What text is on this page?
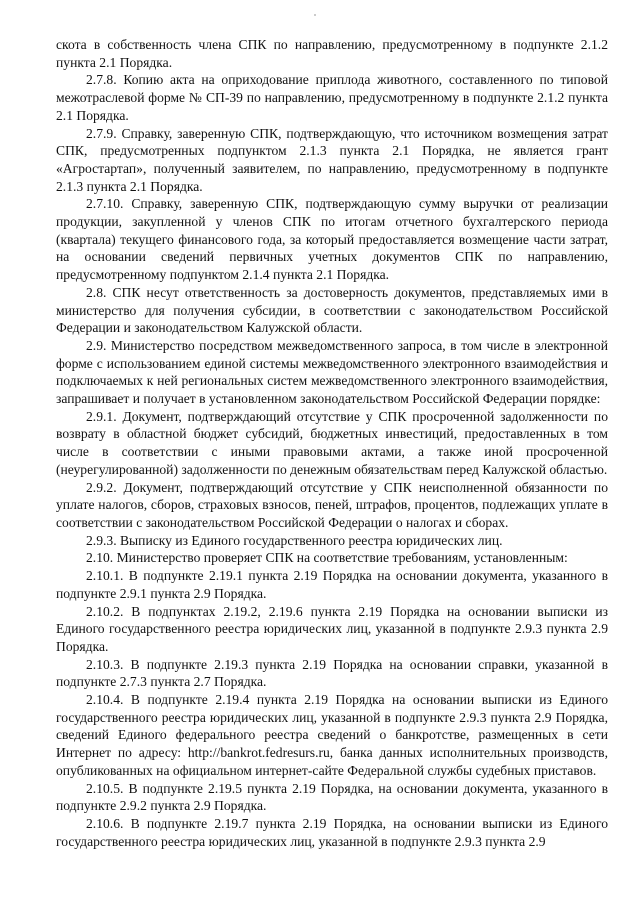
скота в собственность члена СПК по направлению, предусмотренному в подпункте 2.1.2 пункта 2.1 Порядка.

2.7.8. Копию акта на оприходование приплода животного, составленного по типовой межотраслевой форме № СП-39 по направлению, предусмотренному в подпункте 2.1.2 пункта 2.1 Порядка.

2.7.9. Справку, заверенную СПК, подтверждающую, что источником возмещения затрат СПК, предусмотренных подпунктом 2.1.3 пункта 2.1 Порядка, не является грант «Агростартап», полученный заявителем, по направлению, предусмотренному в подпункте 2.1.3 пункта 2.1 Порядка.

2.7.10. Справку, заверенную СПК, подтверждающую сумму выручки от реализации продукции, закупленной у членов СПК по итогам отчетного бухгалтерского периода (квартала) текущего финансового года, за который предоставляется возмещение части затрат, на основании сведений первичных учетных документов СПК по направлению, предусмотренному подпунктом 2.1.4 пункта 2.1 Порядка.

2.8. СПК несут ответственность за достоверность документов, представляемых ими в министерство для получения субсидии, в соответствии с законодательством Российской Федерации и законодательством Калужской области.

2.9. Министерство посредством межведомственного запроса, в том числе в электронной форме с использованием единой системы межведомственного электронного взаимодействия и подключаемых к ней региональных систем межведомственного электронного взаимодействия, запрашивает и получает в установленном законодательством Российской Федерации порядке:

2.9.1. Документ, подтверждающий отсутствие у СПК просроченной задолженности по возврату в областной бюджет субсидий, бюджетных инвестиций, предоставленных в том числе в соответствии с иными правовыми актами, а также иной просроченной (неурегулированной) задолженности по денежным обязательствам перед Калужской областью.

2.9.2. Документ, подтверждающий отсутствие у СПК неисполненной обязанности по уплате налогов, сборов, страховых взносов, пеней, штрафов, процентов, подлежащих уплате в соответствии с законодательством Российской Федерации о налогах и сборах.

2.9.3. Выписку из Единого государственного реестра юридических лиц.

2.10. Министерство проверяет СПК на соответствие требованиям, установленным:

2.10.1. В подпункте 2.19.1 пункта 2.19 Порядка на основании документа, указанного в подпункте 2.9.1 пункта 2.9 Порядка.

2.10.2. В подпунктах 2.19.2, 2.19.6 пункта 2.19 Порядка на основании выписки из Единого государственного реестра юридических лиц, указанной в подпункте 2.9.3 пункта 2.9 Порядка.

2.10.3. В подпункте 2.19.3 пункта 2.19 Порядка на основании справки, указанной в подпункте 2.7.3 пункта 2.7 Порядка.

2.10.4. В подпункте 2.19.4 пункта 2.19 Порядка на основании выписки из Единого государственного реестра юридических лиц, указанной в подпункте 2.9.3 пункта 2.9 Порядка, сведений Единого федерального реестра сведений о банкротстве, размещенных в сети Интернет по адресу: http://bankrot.fedresurs.ru, банка данных исполнительных производств, опубликованных на официальном интернет-сайте Федеральной службы судебных приставов.

2.10.5. В подпункте 2.19.5 пункта 2.19 Порядка, на основании документа, указанного в подпункте 2.9.2 пункта 2.9 Порядка.

2.10.6. В подпункте 2.19.7 пункта 2.19 Порядка, на основании выписки из Единого государственного реестра юридических лиц, указанной в подпункте 2.9.3 пункта 2.9
